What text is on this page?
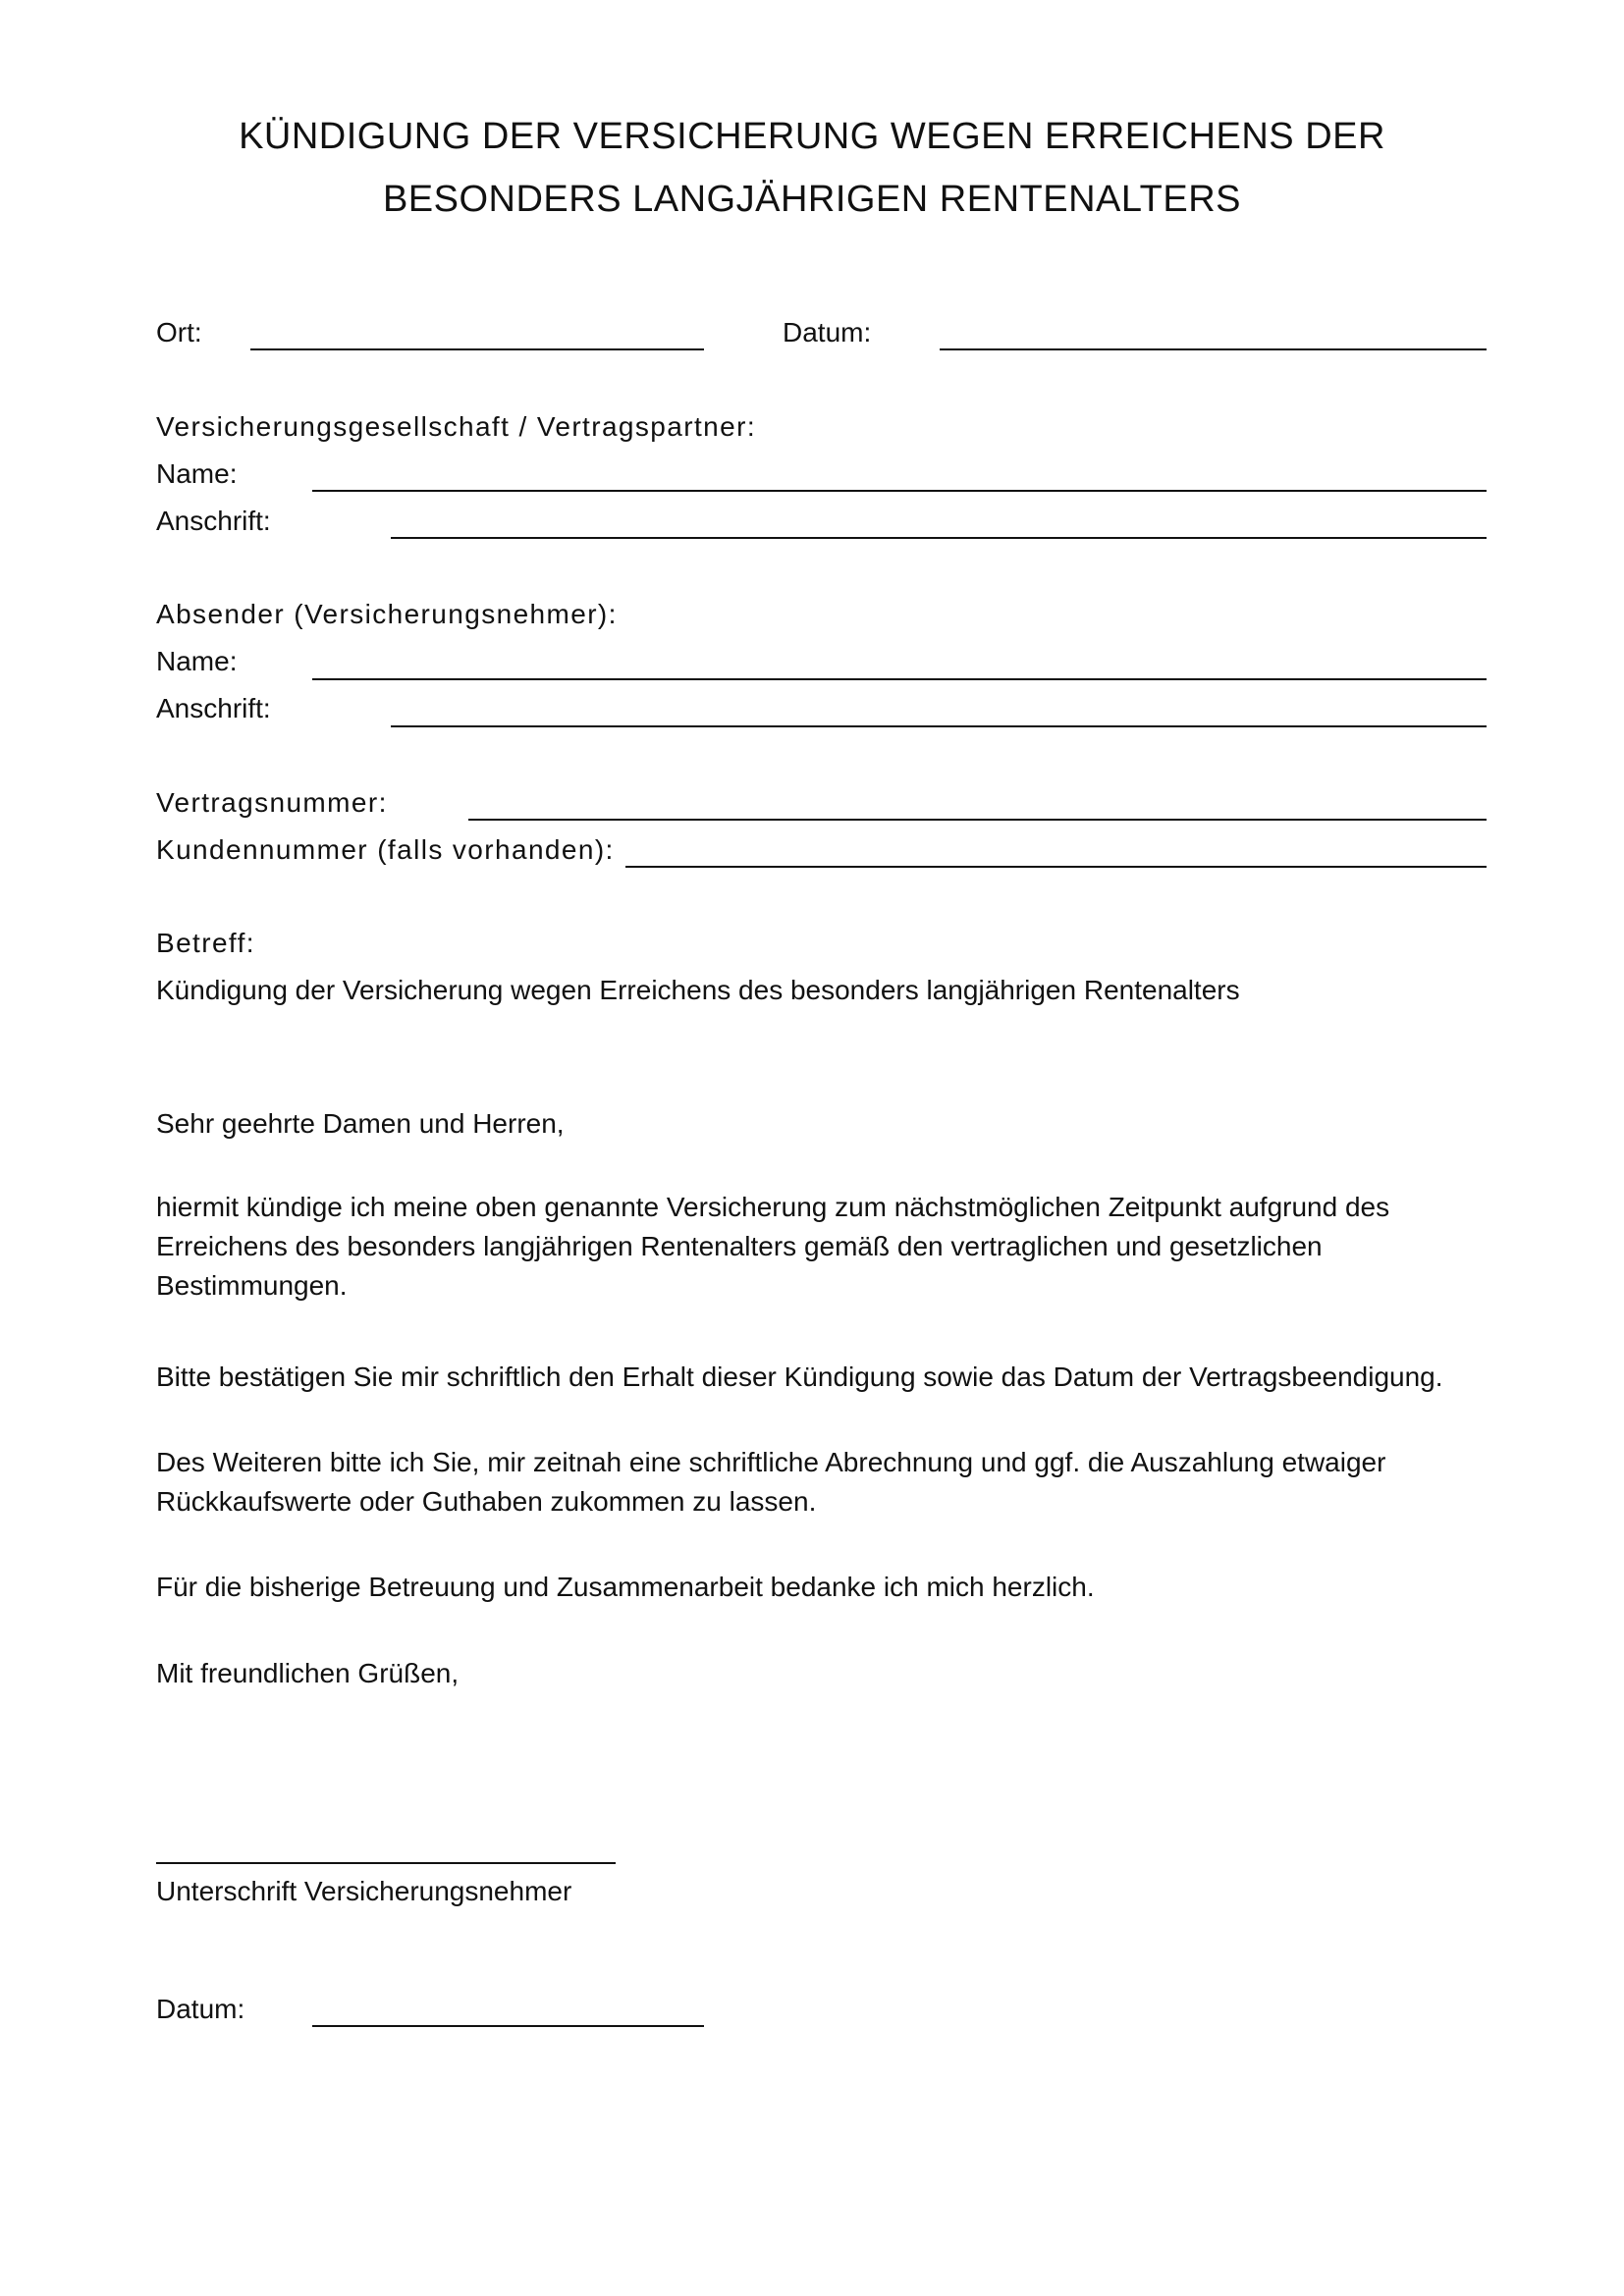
KÜNDIGUNG DER VERSICHERUNG WEGEN ERREICHENS DER
BESONDERS LANGJÄHRIGEN RENTENALTERS
Ort:	Datum:
Versicherungsgesellschaft / Vertragspartner:
Name:
Anschrift:
Absender (Versicherungsnehmer):
Name:
Anschrift:
Vertragsnummer:
Kundennummer (falls vorhanden):
Betreff:
Kündigung der Versicherung wegen Erreichens des besonders langjährigen Rentenalters
Sehr geehrte Damen und Herren,
hiermit kündige ich meine oben genannte Versicherung zum nächstmöglichen Zeitpunkt aufgrund des Erreichens des besonders langjährigen Rentenalters gemäß den vertraglichen und gesetzlichen Bestimmungen.
Bitte bestätigen Sie mir schriftlich den Erhalt dieser Kündigung sowie das Datum der Vertragsbeendigung.
Des Weiteren bitte ich Sie, mir zeitnah eine schriftliche Abrechnung und ggf. die Auszahlung etwaiger Rückkaufswerte oder Guthaben zukommen zu lassen.
Für die bisherige Betreuung und Zusammenarbeit bedanke ich mich herzlich.
Mit freundlichen Grüßen,
Unterschrift Versicherungsnehmer
Datum:
